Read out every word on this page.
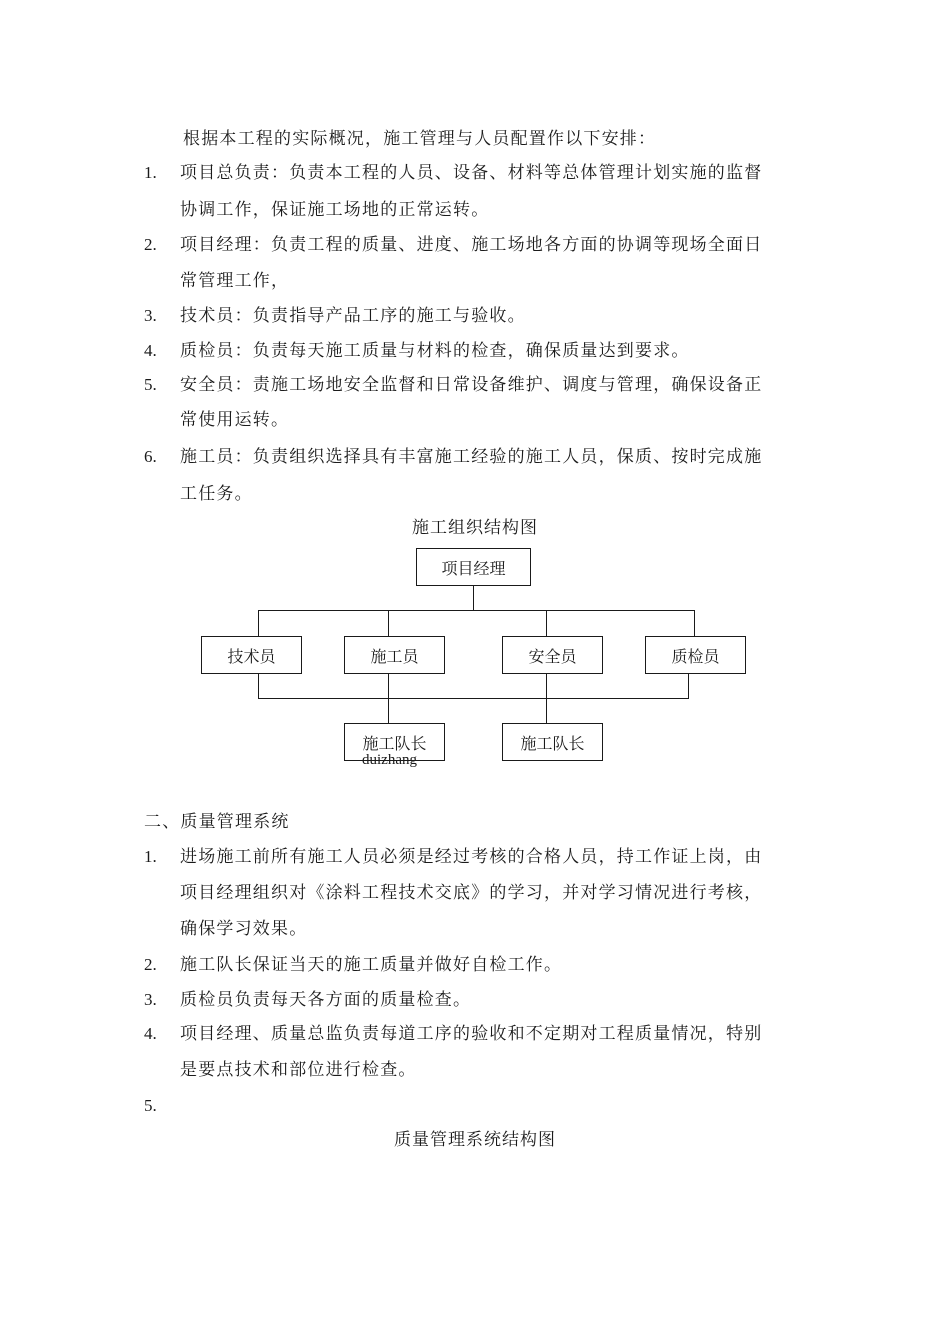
根据本工程的实际概况，施工管理与人员配置作以下安排：
1. 项目总负责：负责本工程的人员、设备、材料等总体管理计划实施的监督
协调工作，保证施工场地的正常运转。
2. 项目经理：负责工程的质量、进度、施工场地各方面的协调等现场全面日
常管理工作，
3. 技术员：负责指导产品工序的施工与验收。
4. 质检员：负责每天施工质量与材料的检查，确保质量达到要求。
5. 安全员：责施工场地安全监督和日常设备维护、调度与管理，确保设备正
常使用运转。
6. 施工员：负责组织选择具有丰富施工经验的施工人员，保质、按时完成施
工任务。
施工组织结构图
项目经理
技术员	施工员	安全员	质检员
施工队长	施工队长
duizhang
二、质量管理系统
1. 进场施工前所有施工人员必须是经过考核的合格人员，持工作证上岗，由
项目经理组织对《涂料工程技术交底》的学习，并对学习情况进行考核，
确保学习效果。
2. 施工队长保证当天的施工质量并做好自检工作。
3. 质检员负责每天各方面的质量检查。
4. 项目经理、质量总监负责每道工序的验收和不定期对工程质量情况，特别
是要点技术和部位进行检查。
5.
质量管理系统结构图
